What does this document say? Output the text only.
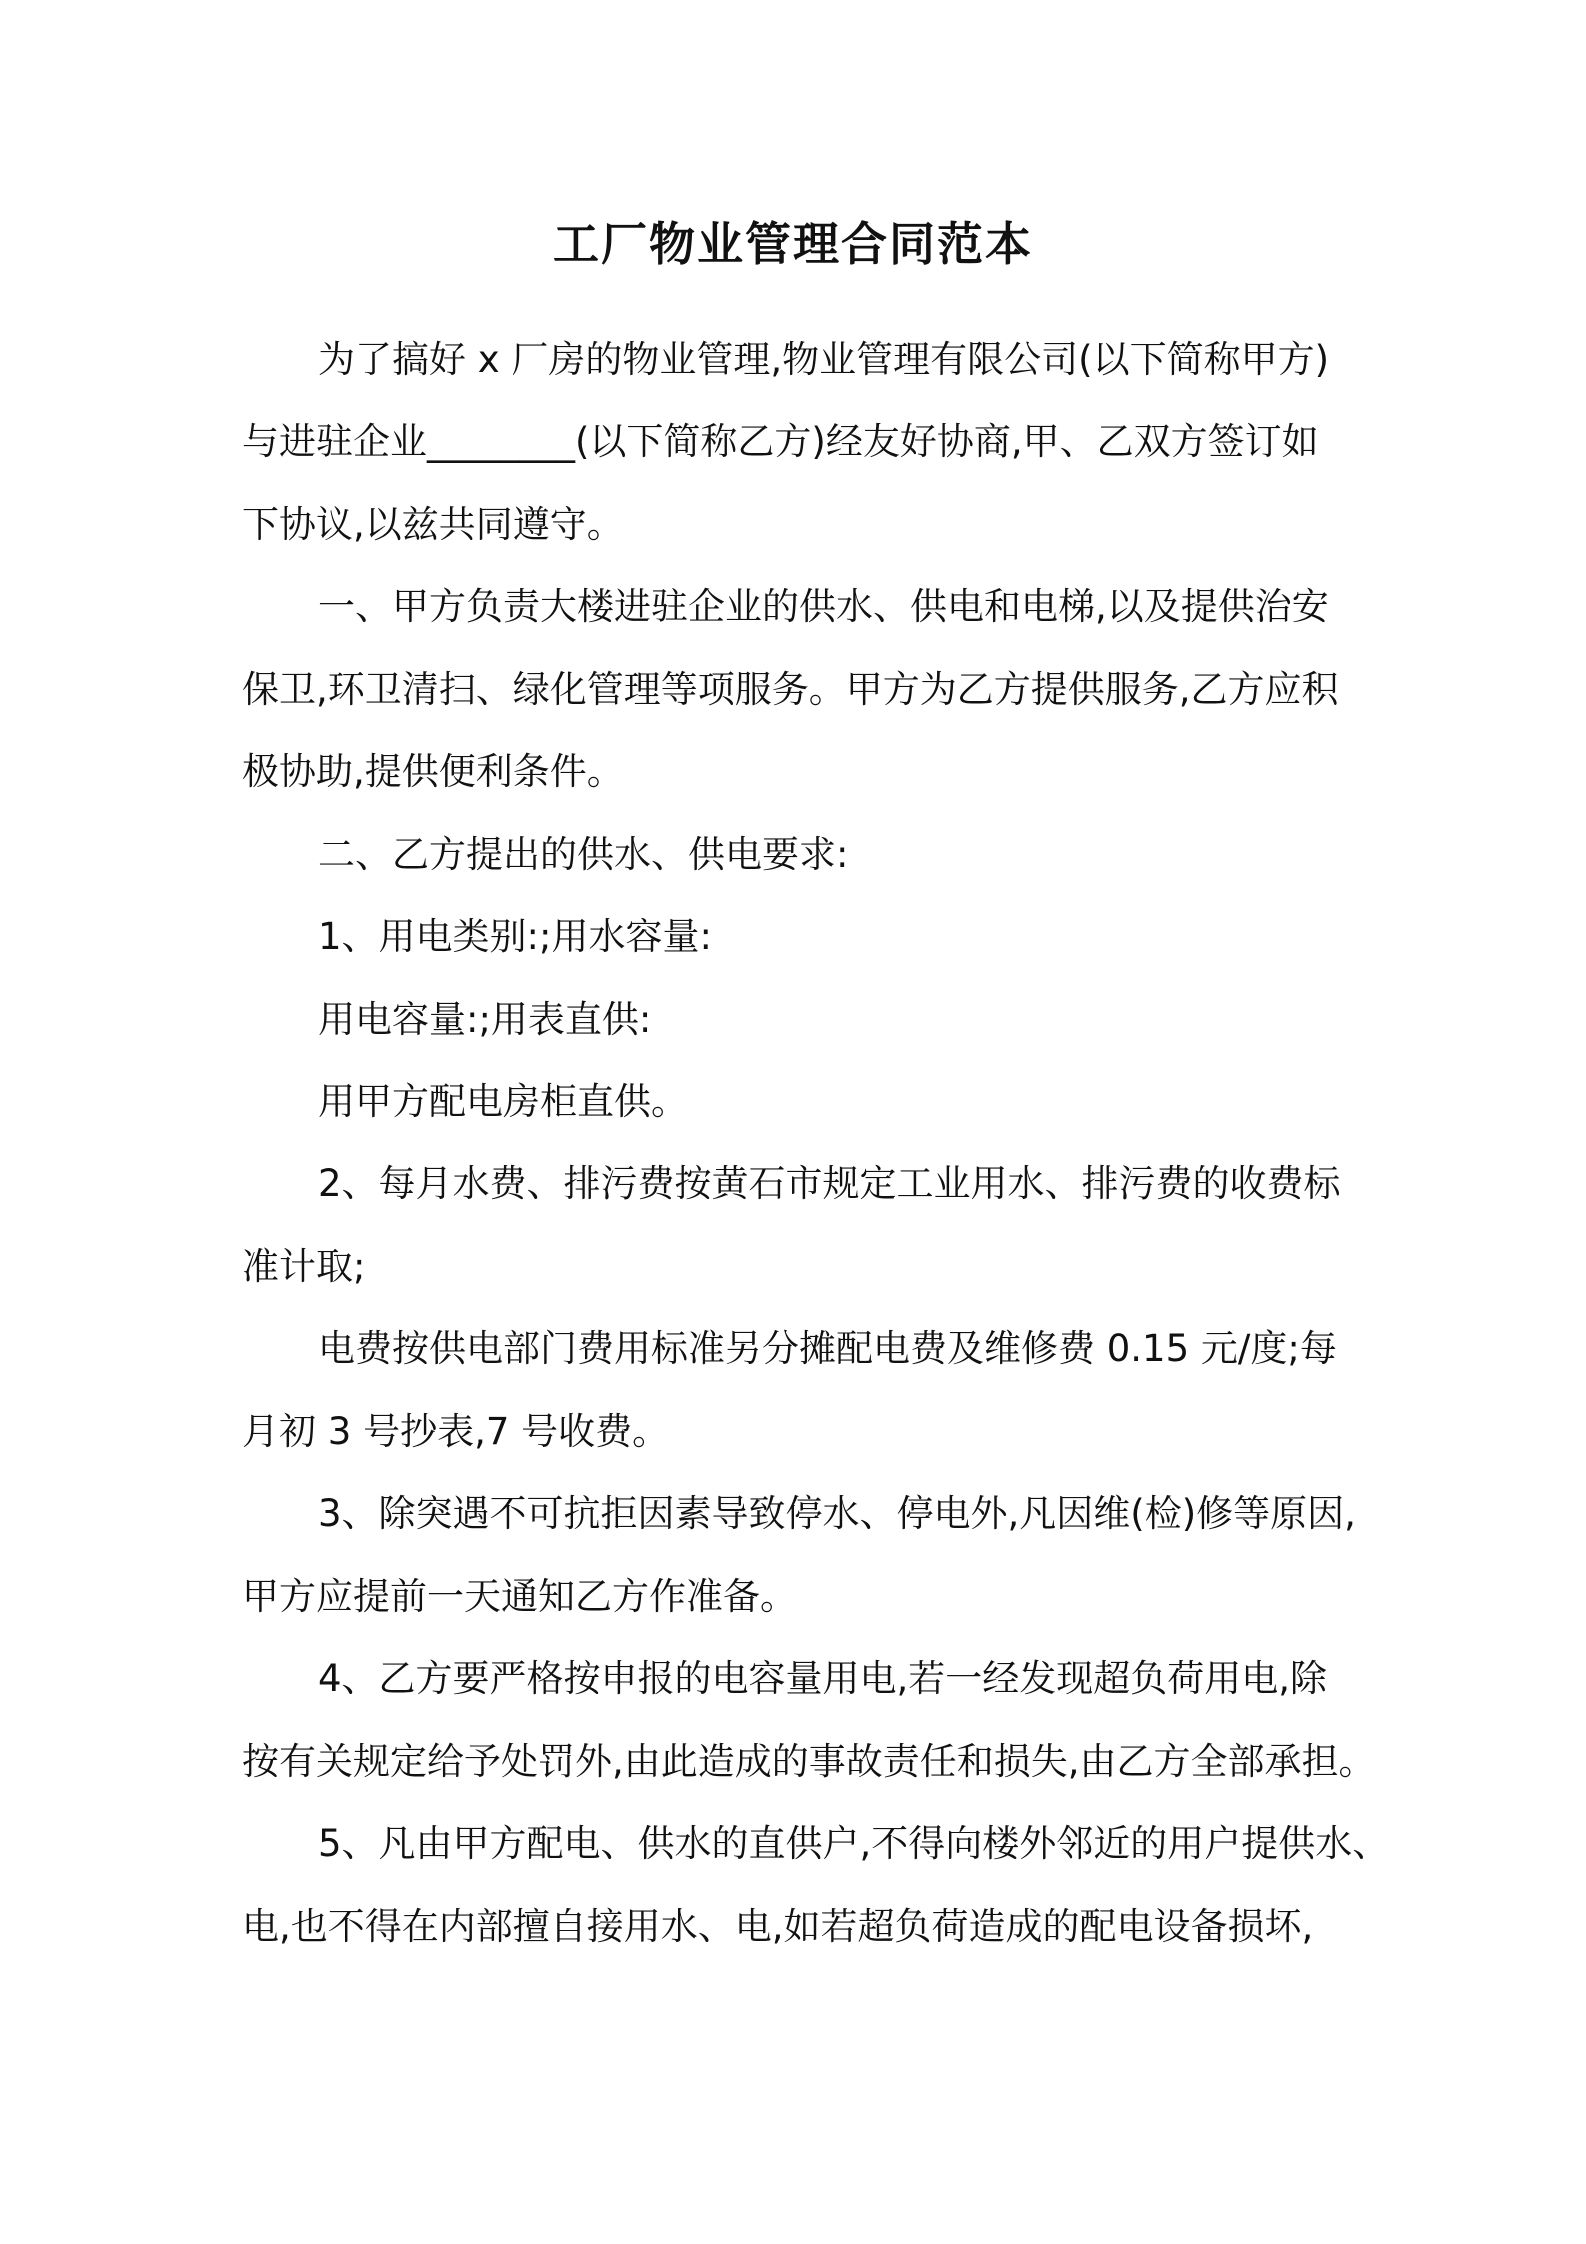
工厂物业管理合同范本
为了搞好 x 厂房的物业管理,物业管理有限公司(以下简称甲方)
与进驻企业________(以下简称乙方)经友好协商,甲、乙双方签订如
下协议,以兹共同遵守。
一、甲方负责大楼进驻企业的供水、供电和电梯,以及提供治安
保卫,环卫清扫、绿化管理等项服务。甲方为乙方提供服务,乙方应积
极协助,提供便利条件。
二、乙方提出的供水、供电要求:
1、用电类别:;用水容量:
用电容量:;用表直供:
用甲方配电房柜直供。
2、每月水费、排污费按黄石市规定工业用水、排污费的收费标
准计取;
电费按供电部门费用标准另分摊配电费及维修费 0.15 元/度;每
月初 3 号抄表,7 号收费。
3、除突遇不可抗拒因素导致停水、停电外,凡因维(检)修等原因,
甲方应提前一天通知乙方作准备。
4、乙方要严格按申报的电容量用电,若一经发现超负荷用电,除
按有关规定给予处罚外,由此造成的事故责任和损失,由乙方全部承担。
5、凡由甲方配电、供水的直供户,不得向楼外邻近的用户提供水、
电,也不得在内部擅自接用水、电,如若超负荷造成的配电设备损坏,
